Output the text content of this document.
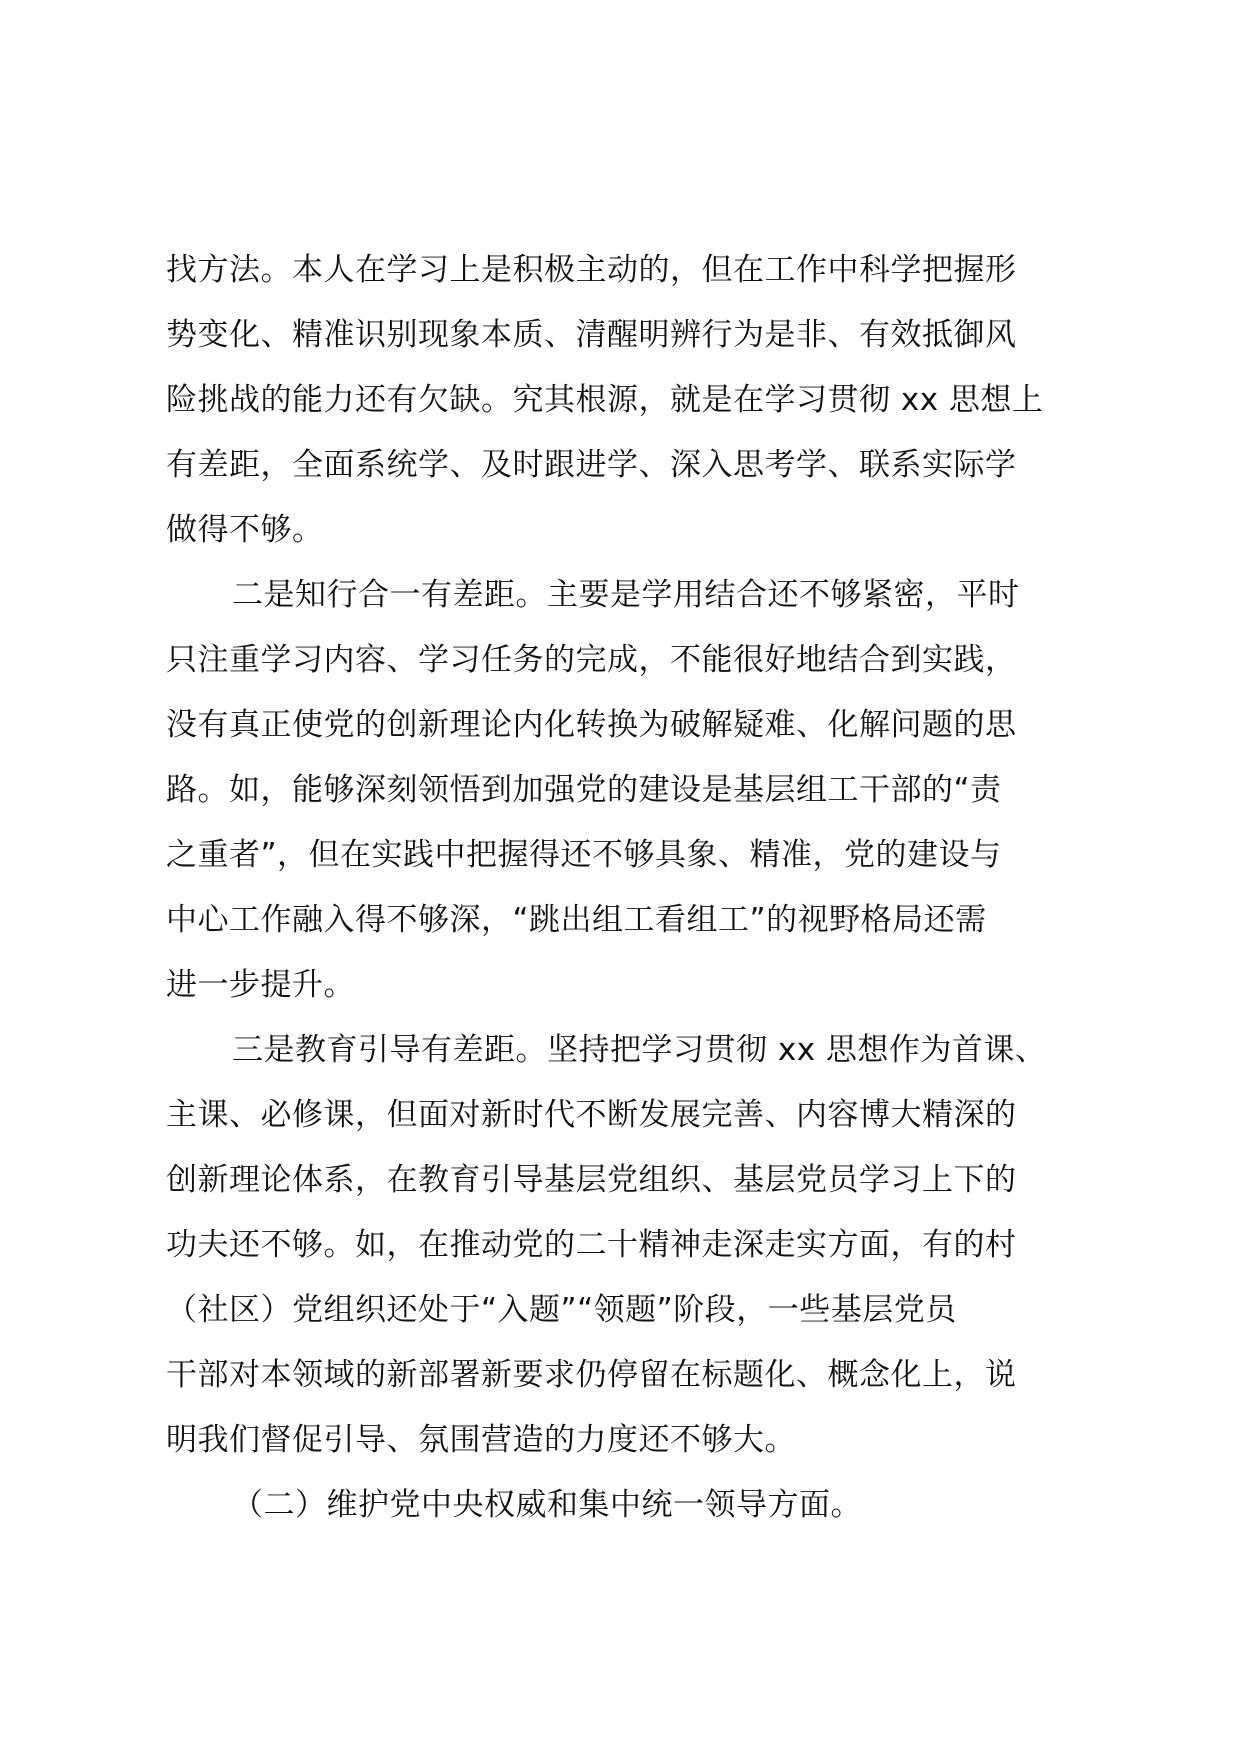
找方法。本人在学习上是积极主动的，但在工作中科学把握形
势变化、精准识别现象本质、清醒明辨行为是非、有效抵御风
险挑战的能力还有欠缺。究其根源，就是在学习贯彻 xx 思想上
有差距，全面系统学、及时跟进学、深入思考学、联系实际学
做得不够。
二是知行合一有差距。主要是学用结合还不够紧密，平时
只注重学习内容、学习任务的完成，不能很好地结合到实践，
没有真正使党的创新理论内化转换为破解疑难、化解问题的思
路。如，能够深刻领悟到加强党的建设是基层组工干部的“责
之重者”，但在实践中把握得还不够具象、精准，党的建设与
中心工作融入得不够深，“跳出组工看组工”的视野格局还需
进一步提升。
三是教育引导有差距。坚持把学习贯彻 xx 思想作为首课、
主课、必修课，但面对新时代不断发展完善、内容博大精深的
创新理论体系，在教育引导基层党组织、基层党员学习上下的
功夫还不够。如，在推动党的二十精神走深走实方面，有的村
（社区）党组织还处于“入题”“领题”阶段，一些基层党员
干部对本领域的新部署新要求仍停留在标题化、概念化上，说
明我们督促引导、氛围营造的力度还不够大。
（二）维护党中央权威和集中统一领导方面。
